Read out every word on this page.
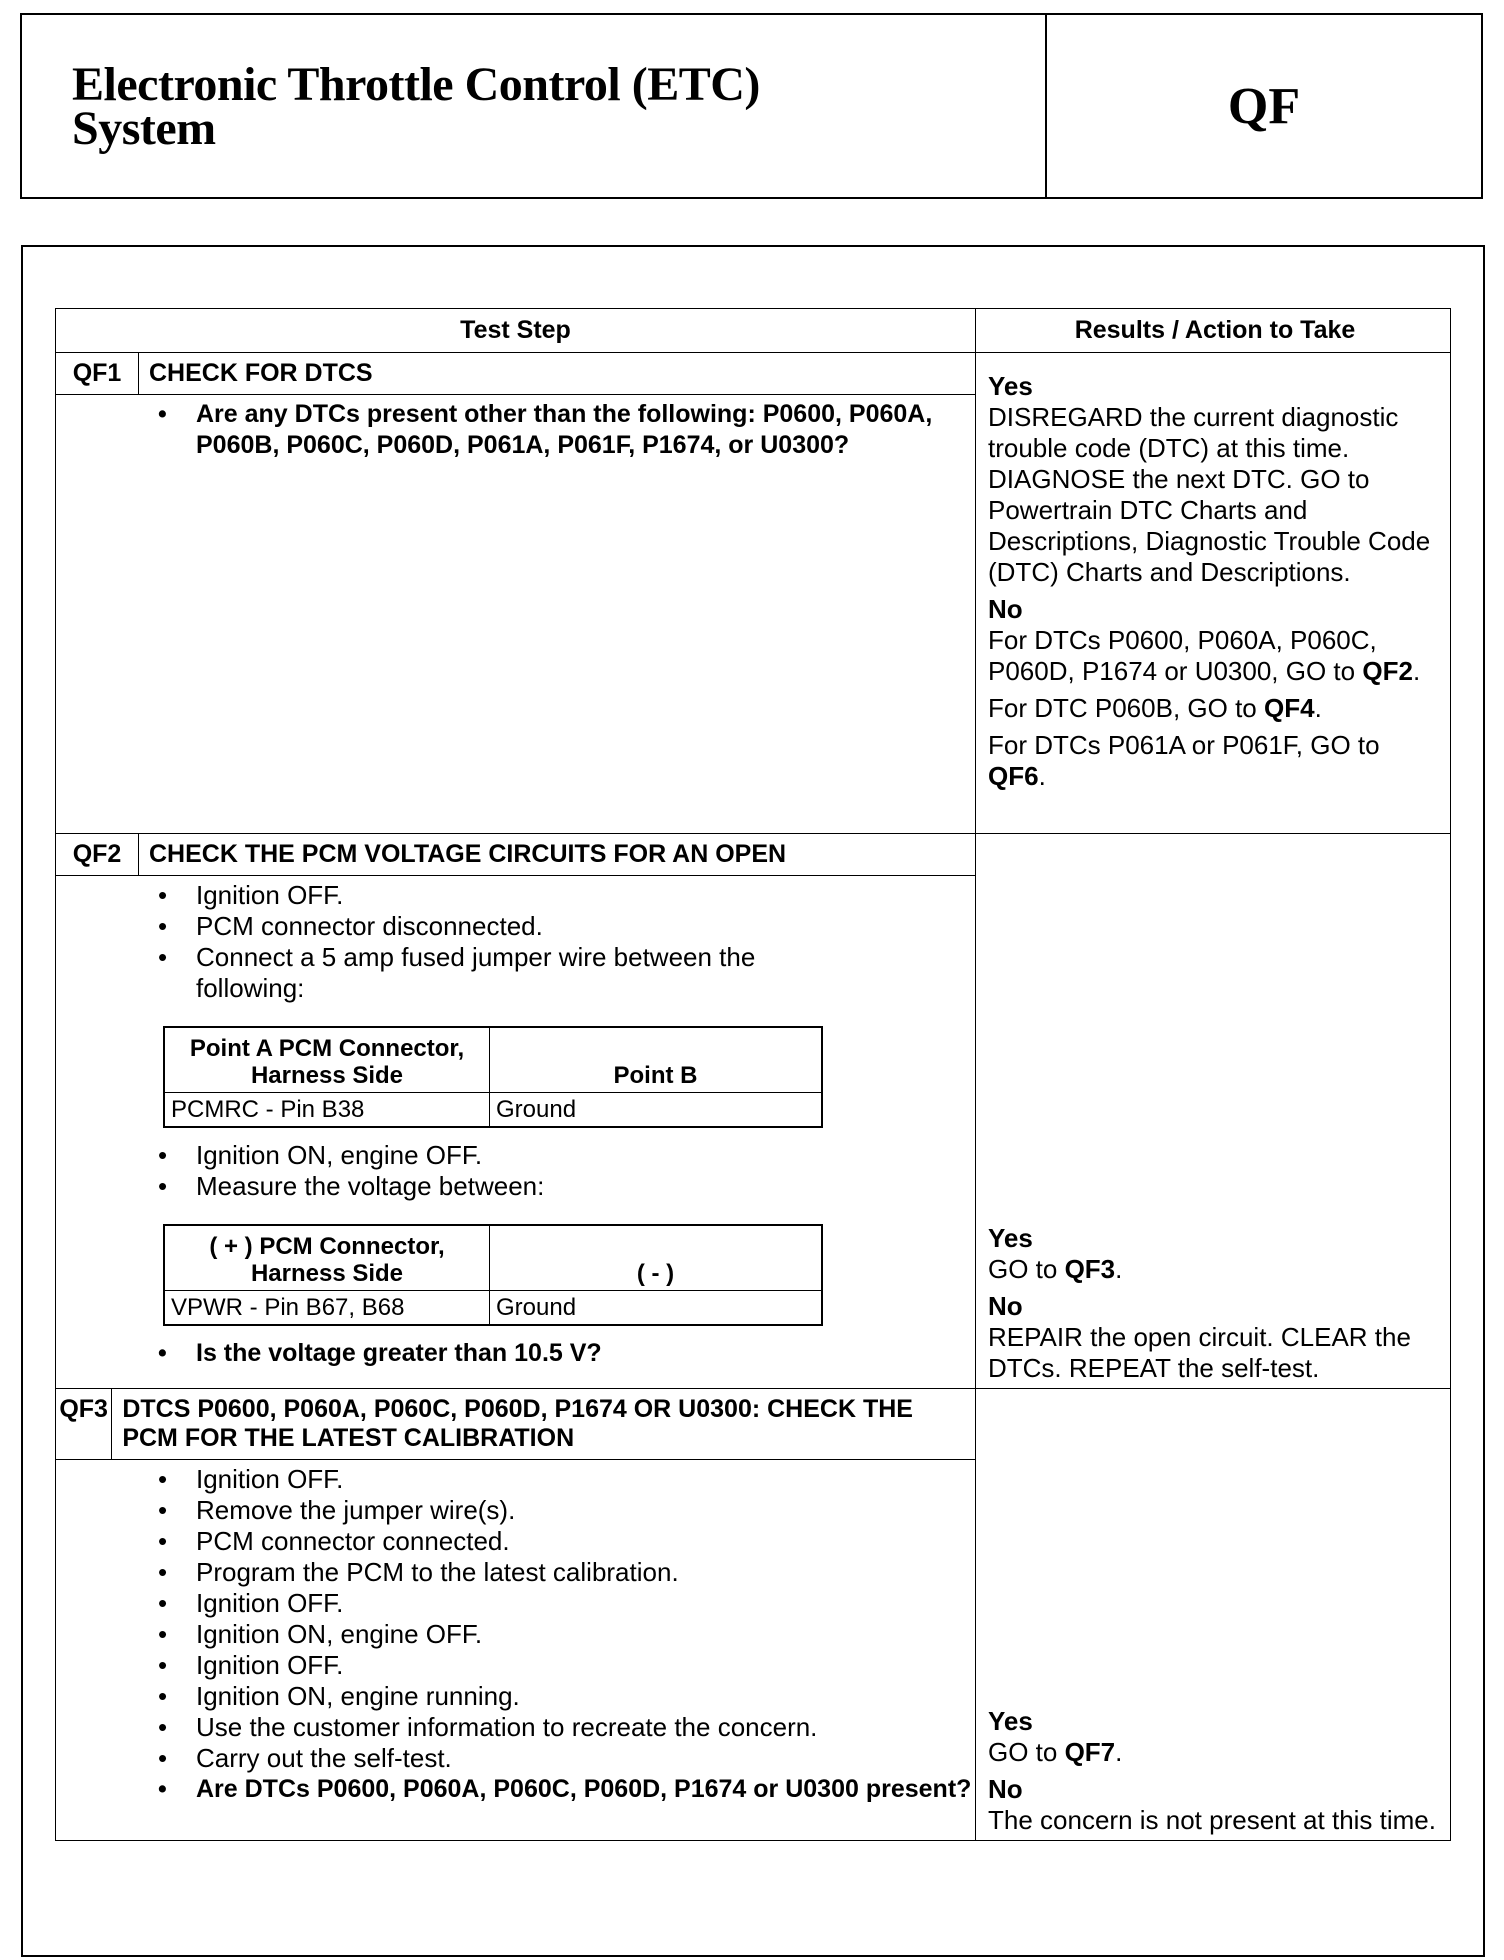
Electronic Throttle Control (ETC)
System	QF
Test Step	Results / Action to Take
QF1	CHECK FOR DTCS
• Are any DTCs present other than the following: P0600, P060A, P060B, P060C, P060D, P061A, P061F, P1674, or U0300?
Yes
DISREGARD the current diagnostic trouble code (DTC) at this time. DIAGNOSE the next DTC. GO to Powertrain DTC Charts and Descriptions, Diagnostic Trouble Code (DTC) Charts and Descriptions.
No
For DTCs P0600, P060A, P060C, P060D, P1674 or U0300, GO to QF2.
For DTC P060B, GO to QF4.
For DTCs P061A or P061F, GO to QF6.
QF2	CHECK THE PCM VOLTAGE CIRCUITS FOR AN OPEN
• Ignition OFF.
• PCM connector disconnected.
• Connect a 5 amp fused jumper wire between the following:
Point A PCM Connector, Harness Side	Point B
PCMRC - Pin B38	Ground
• Ignition ON, engine OFF.
• Measure the voltage between:
( + ) PCM Connector, Harness Side	( - )
VPWR - Pin B67, B68	Ground
• Is the voltage greater than 10.5 V?
Yes
GO to QF3.
No
REPAIR the open circuit. CLEAR the DTCs. REPEAT the self-test.
QF3 DTCS P0600, P060A, P060C, P060D, P1674 OR U0300: CHECK THE PCM FOR THE LATEST CALIBRATION
• Ignition OFF.
• Remove the jumper wire(s).
• PCM connector connected.
• Program the PCM to the latest calibration.
• Ignition OFF.
• Ignition ON, engine OFF.
• Ignition OFF.
• Ignition ON, engine running.
• Use the customer information to recreate the concern.
• Carry out the self-test.
• Are DTCs P0600, P060A, P060C, P060D, P1674 or U0300 present?
Yes
GO to QF7.
No
The concern is not present at this time.
